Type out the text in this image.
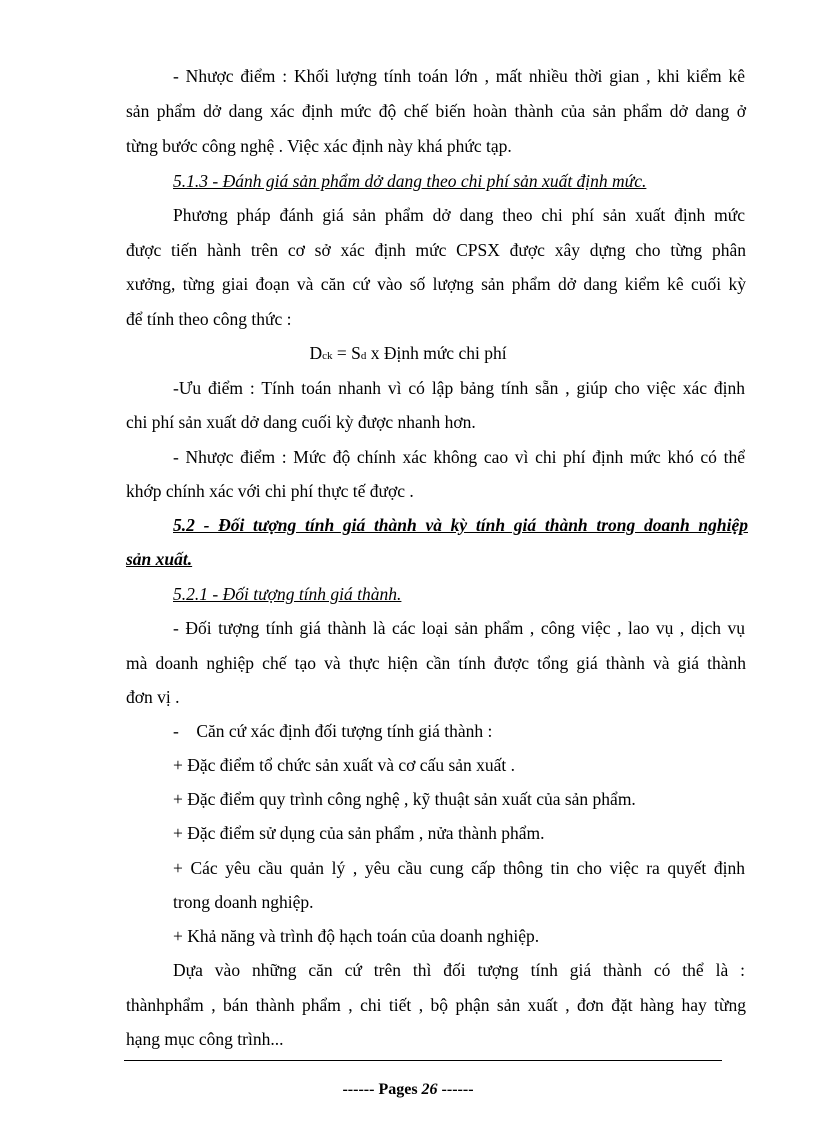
- Nhược điểm : Khối lượng tính toán lớn , mất nhiều thời gian , khi kiểm kê
sản phẩm dở dang xác định mức độ chế biến hoàn thành của sản phẩm dở dang ở
từng bước công nghệ . Việc xác định này khá phức tạp.
5.1.3 - Đánh giá sản phẩm dở dang theo chi phí sản xuất định mức.
Phương pháp đánh giá sản phẩm dở dang theo chi phí sản xuất định mức
được tiến hành trên cơ sở xác định mức CPSX được xây dựng cho từng phân
xưởng, từng giai đoạn và căn cứ vào số lượng sản phẩm dở dang kiểm kê cuối kỳ
để tính theo công thức :
Dck = Sd x Định mức chi phí
-Ưu điểm : Tính toán nhanh vì có lập bảng tính sẵn , giúp cho việc xác định
chi phí sản xuất dở dang cuối kỳ được nhanh hơn.
- Nhược điểm : Mức độ chính xác không cao vì chi phí định mức khó có thể
khớp chính xác với chi phí thực tế được .
5.2 - Đối tượng tính giá thành và kỳ tính giá thành trong doanh nghiệp
sản xuất.
5.2.1 - Đối tượng tính giá thành.
- Đối tượng tính giá thành là các loại sản phẩm , công việc , lao vụ , dịch vụ
mà doanh nghiệp chế tạo và thực hiện cần tính được tổng giá thành và giá thành
đơn vị .
-    Căn cứ xác định đối tượng tính giá thành :
+ Đặc điểm tổ chức sản xuất và cơ cấu sản xuất .
+ Đặc điểm quy trình công nghệ , kỹ thuật sản xuất của sản phẩm.
+ Đặc điểm sử dụng của sản phẩm , nửa thành phẩm.
+ Các yêu cầu quản lý , yêu cầu cung cấp thông tin cho việc ra quyết định
trong doanh nghiệp.
+ Khả năng và trình độ hạch toán của doanh nghiệp.
Dựa vào những căn cứ trên thì đối tượng tính giá thành có thể là :
thànhphẩm , bán thành phẩm , chi tiết , bộ phận sản xuất , đơn đặt hàng hay từng
hạng mục công trình...
------ Pages 26 ------
